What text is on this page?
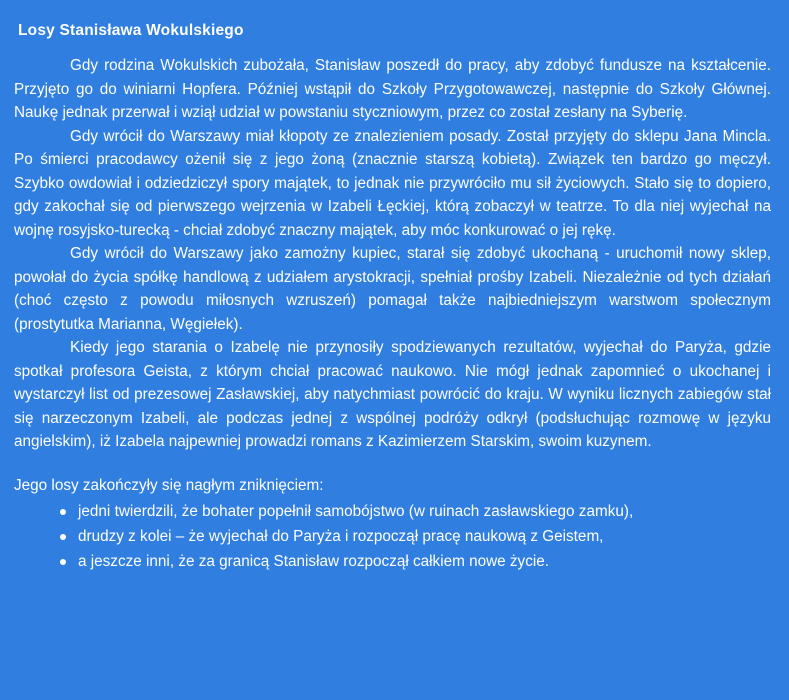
Losy Stanisława Wokulskiego

Gdy rodzina Wokulskich zubożała, Stanisław poszedł do pracy, aby zdobyć fundusze na kształcenie. Przyjęto go do winiarni Hopfera. Później wstąpił do Szkoły Przygotowawczej, następnie do Szkoły Głównej. Naukę jednak przerwał i wziął udział w powstaniu styczniowym, przez co został zesłany na Syberię.

Gdy wrócił do Warszawy miał kłopoty ze znalezieniem posady. Został przyjęty do sklepu Jana Mincla. Po śmierci pracodawcy ożenił się z jego żoną (znacznie starszą kobietą). Związek ten bardzo go męczył. Szybko owdowiał i odziedziczył spory majątek, to jednak nie przywróciło mu sił życiowych. Stało się to dopiero, gdy zakochał się od pierwszego wejrzenia w Izabeli Łęckiej, którą zobaczył w teatrze. To dla niej wyjechał na wojnę rosyjsko-turecką - chciał zdobyć znaczny majątek, aby móc konkurować o jej rękę.

Gdy wrócił do Warszawy jako zamożny kupiec, starał się zdobyć ukochaną - uruchomił nowy sklep, powołał do życia spółkę handlową z udziałem arystokracji, spełniał prośby Izabeli. Niezależnie od tych działań (choć często z powodu miłosnych wzruszeń) pomagał także najbiedniejszym warstwom społecznym (prostytutka Marianna, Węgiełek).

Kiedy jego starania o Izabelę nie przynosiły spodziewanych rezultatów, wyjechał do Paryża, gdzie spotkał profesora Geista, z którym chciał pracować naukowo. Nie mógł jednak zapomnieć o ukochanej i wystarczył list od prezesowej Zasławskiej, aby natychmiast powrócić do kraju. W wyniku licznych zabiegów stał się narzeczonym Izabeli, ale podczas jednej z wspólnej podróży odkrył (podsłuchując rozmowę w języku angielskim), iż Izabela najpewniej prowadzi romans z Kazimierzem Starskim, swoim kuzynem.

Jego losy zakończyły się nagłym zniknięciem:

jedni twierdzili, że bohater popełnił samobójstwo (w ruinach zasławskiego zamku),
drudzy z kolei – że wyjechał do Paryża i rozpoczął pracę naukową z Geistem,
a jeszcze inni, że za granicą Stanisław rozpoczął całkiem nowe życie.
